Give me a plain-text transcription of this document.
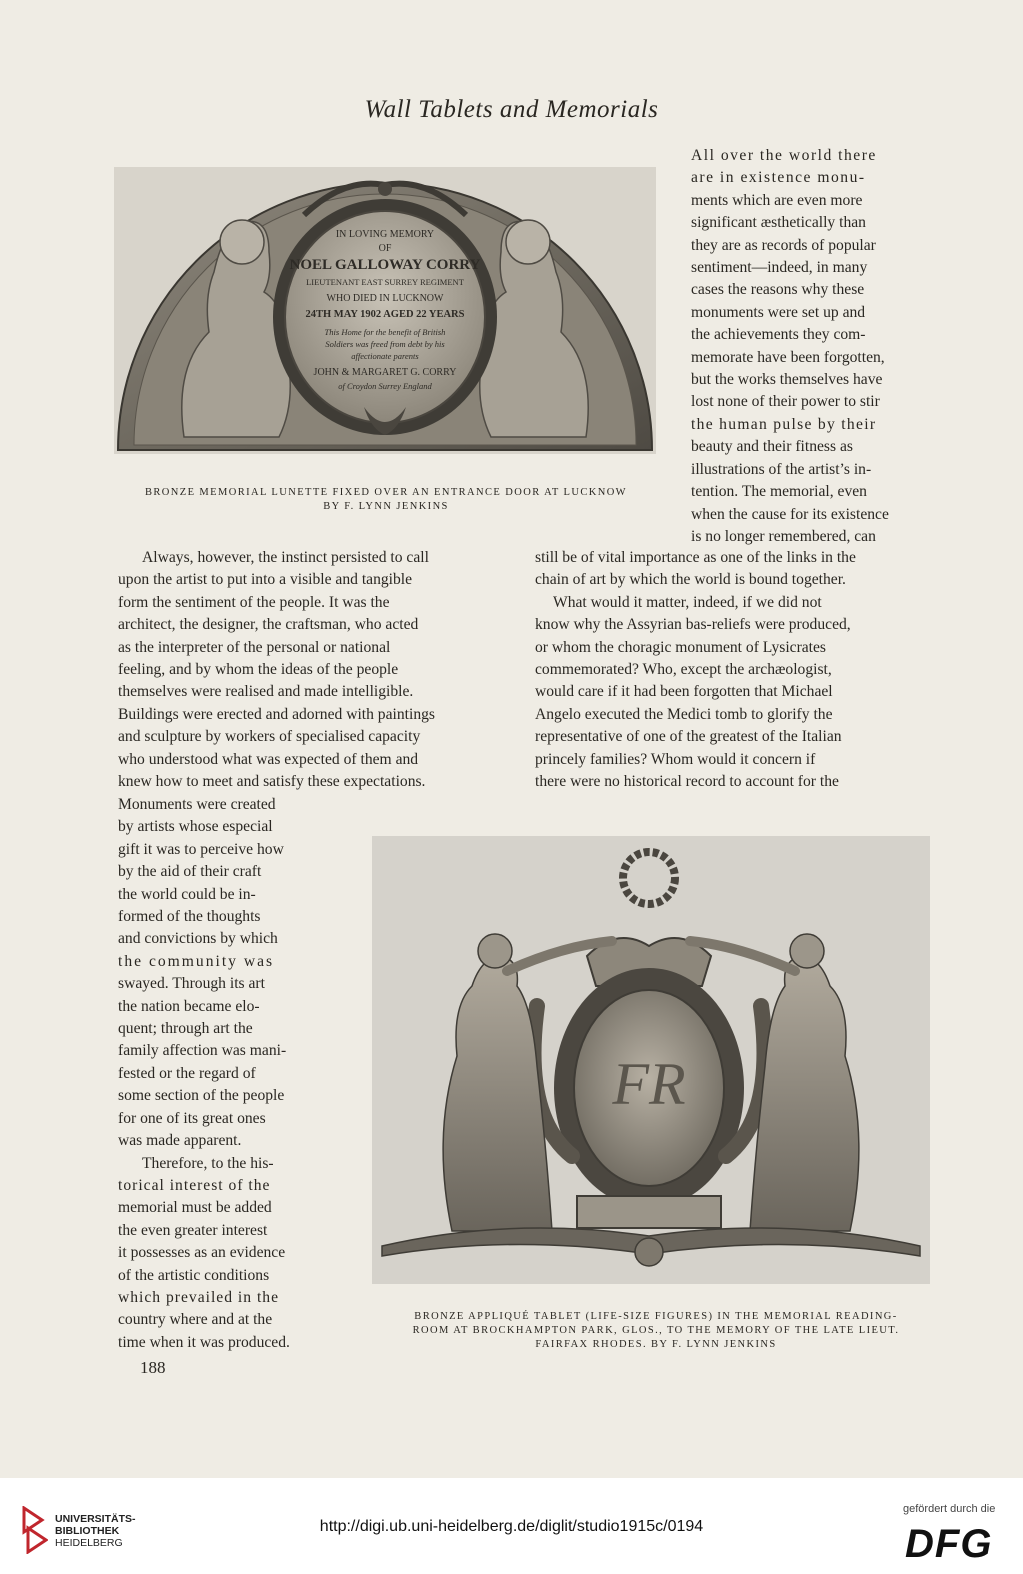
Wall Tablets and Memorials
IN LOVING MEMORY
OF
NOEL GALLOWAY CORRY
LIEUTENANT EAST SURREY REGIMENT
WHO DIED IN LUCKNOW
24TH MAY 1902 AGED 22 YEARS
This Home for the benefit of British
Soldiers was freed from debt by his
affectionate parents
JOHN & MARGARET G. CORRY
of Croydon Surrey England
BRONZE MEMORIAL LUNETTE FIXED OVER AN ENTRANCE DOOR AT LUCKNOW
BY F. LYNN JENKINS
All over the world there
are in existence monu-
ments which are even more
significant æsthetically than
they are as records of popular
sentiment—indeed, in many
cases the reasons why these
monuments were set up and
the achievements they com-
memorate have been forgotten,
but the works themselves have
lost none of their power to stir
the human pulse by their
beauty and their fitness as
illustrations of the artist’s in-
tention. The memorial, even
when the cause for its existence
is no longer remembered, can
Always, however, the instinct persisted to call
upon the artist to put into a visible and tangible
form the sentiment of the people. It was the
architect, the designer, the craftsman, who acted
as the interpreter of the personal or national
feeling, and by whom the ideas of the people
themselves were realised and made intelligible.
Buildings were erected and adorned with paintings
and sculpture by workers of specialised capacity
who understood what was expected of them and
knew how to meet and satisfy these expectations.
still be of vital importance as one of the links in the
chain of art by which the world is bound together.
What would it matter, indeed, if we did not
know why the Assyrian bas-reliefs were produced,
or whom the choragic monument of Lysicrates
commemorated? Who, except the archæologist,
would care if it had been forgotten that Michael
Angelo executed the Medici tomb to glorify the
representative of one of the greatest of the Italian
princely families? Whom would it concern if
there were no historical record to account for the
Monuments were created
by artists whose especial
gift it was to perceive how
by the aid of their craft
the world could be in-
formed of the thoughts
and convictions by which
the community was
swayed. Through its art
the nation became elo-
quent; through art the
family affection was mani-
fested or the regard of
some section of the people
for one of its great ones
was made apparent.
Therefore, to the his-
torical interest of the
memorial must be added
the even greater interest
it possesses as an evidence
of the artistic conditions
which prevailed in the
country where and at the
time when it was produced.
FR
BRONZE APPLIQUÉ TABLET (LIFE-SIZE FIGURES) IN THE MEMORIAL READING-
ROOM AT BROCKHAMPTON PARK, GLOS., TO THE MEMORY OF THE LATE LIEUT.
FAIRFAX RHODES. BY F. LYNN JENKINS
188
UNIVERSITÄTS-
BIBLIOTHEK
HEIDELBERG
http://digi.ub.uni-heidelberg.de/diglit/studio1915c/0194
gefördert durch die
DFG
